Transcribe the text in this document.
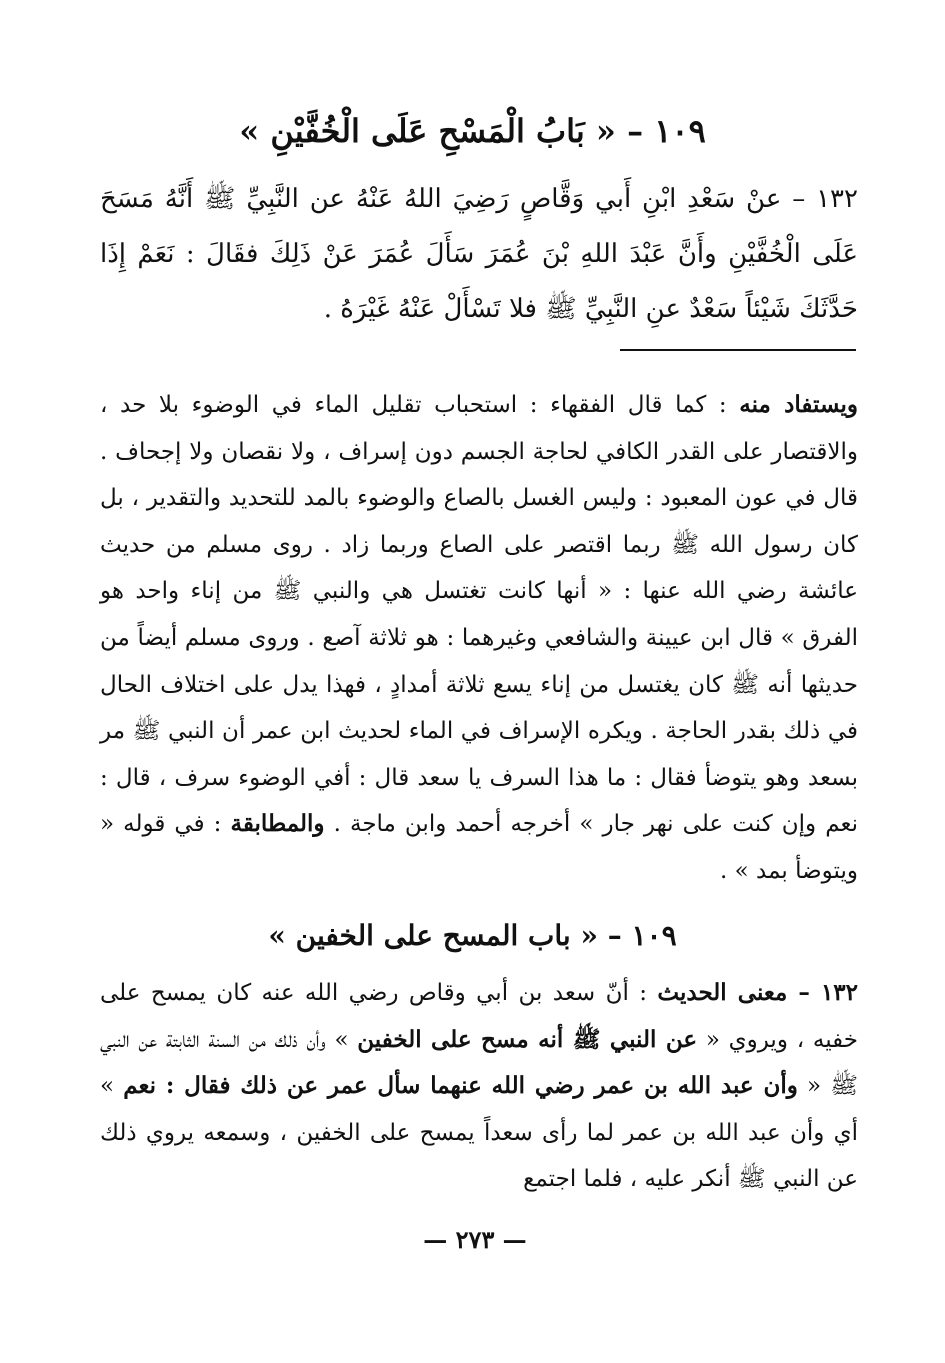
١٠٩ – « بَابُ الْمَسْحِ عَلَى الْخُفَّيْنِ »
١٣٢ – عنْ سَعْدِ ابْنِ أَبي وَقَّاصٍ رَضِيَ اللهُ عَنْهُ عن النَّبِيِّ ﷺ أَنَّهُ مَسَحَ عَلَى الْخُفَّيْنِ وأَنَّ عَبْدَ اللهِ بْنَ عُمَرَ سَأَلَ عُمَرَ عَنْ ذَلِكَ فقَالَ : نَعَمْ إِذَا حَدَّثَكَ شَيْئاً سَعْدٌ عنِ النَّبِيِّ ﷺ فلا تَسْأَلْ عَنْهُ غَيْرَهُ .
ويستفاد منه : كما قال الفقهاء : استحباب تقليل الماء في الوضوء بلا حد ، والاقتصار على القدر الكافي لحاجة الجسم دون إسراف ، ولا نقصان ولا إجحاف . قال في عون المعبود : وليس الغسل بالصاع والوضوء بالمد للتحديد والتقدير ، بل كان رسول الله ﷺ ربما اقتصر على الصاع وربما زاد . روى مسلم من حديث عائشة رضي الله عنها : « أنها كانت تغتسل هي والنبي ﷺ من إناء واحد هو الفرق » قال ابن عيينة والشافعي وغيرهما : هو ثلاثة آصع . وروى مسلم أيضاً من حديثها أنه ﷺ كان يغتسل من إناء يسع ثلاثة أمدادٍ ، فهذا يدل على اختلاف الحال في ذلك بقدر الحاجة . ويكره الإسراف في الماء لحديث ابن عمر أن النبي ﷺ مر بسعد وهو يتوضأ فقال : ما هذا السرف يا سعد قال : أفي الوضوء سرف ، قال : نعم وإن كنت على نهر جار » أخرجه أحمد وابن ماجة . والمطابقة : في قوله « ويتوضأ بمد » .
١٠٩ – « باب المسح على الخفين »
١٣٢ – معنى الحديث : أنّ سعد بن أبي وقاص رضي الله عنه كان يمسح على خفيه ، ويروي « عن النبي ﷺ أنه مسح على الخفين » وأن ذلك من السنة الثابتة عن النبي ﷺ « وأن عبد الله بن عمر رضي الله عنهما سأل عمر عن ذلك فقال : نعم » أي وأن عبد الله بن عمر لما رأى سعداً يمسح على الخفين ، وسمعه يروي ذلك عن النبي ﷺ أنكر عليه ، فلما اجتمع
— ٢٧٣ —
